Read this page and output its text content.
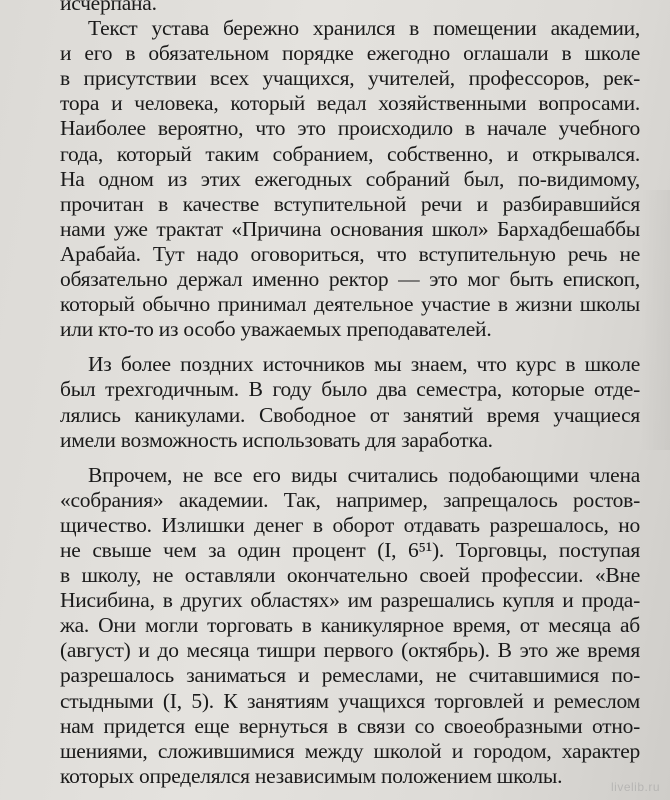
исчерпана.
Текст устава бережно хранился в помещении академии,
и его в обязательном порядке ежегодно оглашали в школе
в присутствии всех учащихся, учителей, профессоров, рек-
тора и человека, который ведал хозяйственными вопросами.
Наиболее вероятно, что это происходило в начале учебного
года, который таким собранием, собственно, и открывался.
На одном из этих ежегодных собраний был, по-видимому,
прочитан в качестве вступительной речи и разбиравшийся
нами уже трактат «Причина основания школ» Бархадбешаббы
Арабайа. Тут надо оговориться, что вступительную речь не
обязательно держал именно ректор — это мог быть епископ,
который обычно принимал деятельное участие в жизни школы
или кто-то из особо уважаемых преподавателей.
Из более поздних источников мы знаем, что курс в школе
был трехгодичным. В году было два семестра, которые отде-
лялись каникулами. Свободное от занятий время учащиеся
имели возможность использовать для заработка.
Впрочем, не все его виды считались подобающими члена
«собрания» академии. Так, например, запрещалось ростов-
щичество. Излишки денег в оборот отдавать разрешалось, но
не свыше чем за один процент (I, 6⁵¹). Торговцы, поступая
в школу, не оставляли окончательно своей профессии. «Вне
Нисибина, в других областях» им разрешались купля и прода-
жа. Они могли торговать в каникулярное время, от месяца аб
(август) и до месяца тишри первого (октябрь). В это же время
разрешалось заниматься и ремеслами, не считавшимися по-
стыдными (I, 5). К занятиям учащихся торговлей и ремеслом
нам придется еще вернуться в связи со своеобразными отно-
шениями, сложившимися между школой и городом, характер
которых определялся независимым положением школы.	livelib.ru
